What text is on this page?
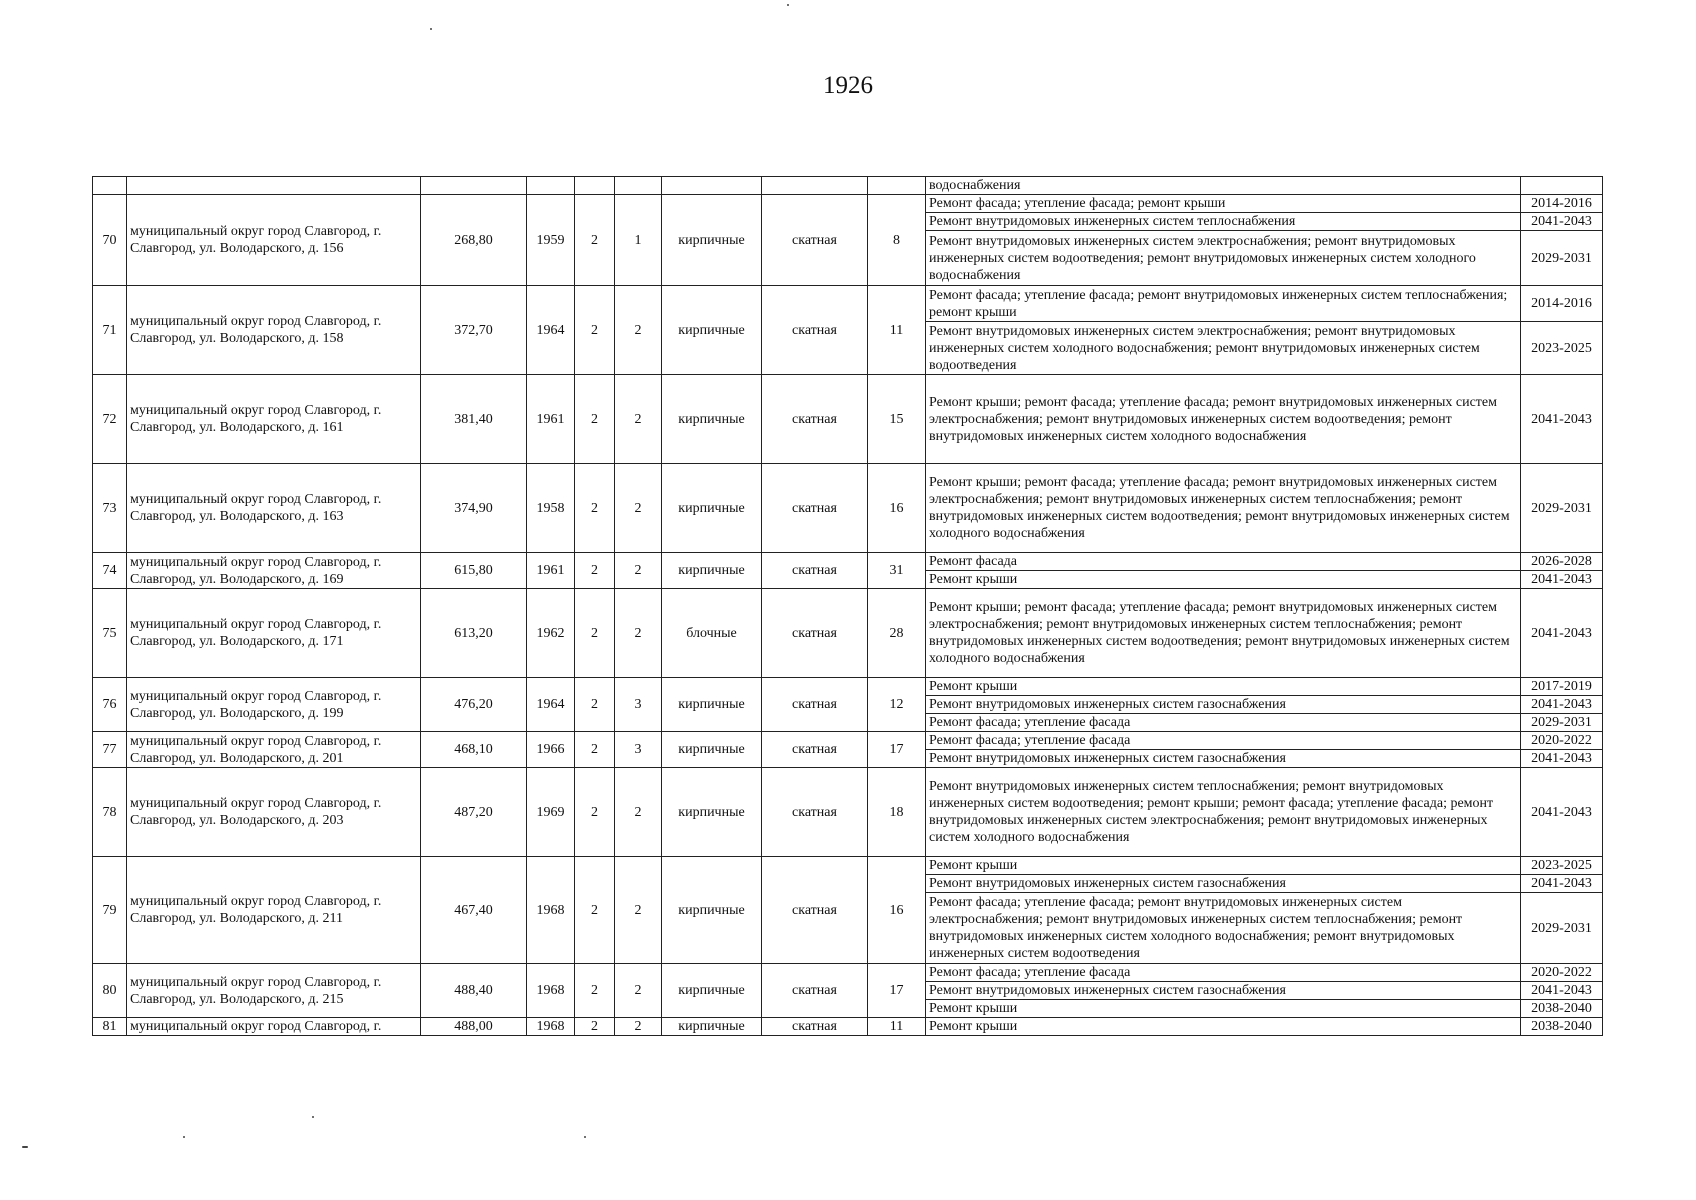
1926
									водоснабжения	
70	муниципальный округ город Славгород, г. Славгород, ул. Володарского, д. 156	268,80	1959	2	1	кирпичные	скатная	8	Ремонт фасада; утепление фасада; ремонт крыши	2014-2016
									Ремонт внутридомовых инженерных систем теплоснабжения	2041-2043
									Ремонт внутридомовых инженерных систем электроснабжения; ремонт внутридомовых инженерных систем водоотведения; ремонт внутридомовых инженерных систем холодного водоснабжения	2029-2031
71	муниципальный округ город Славгород, г. Славгород, ул. Володарского, д. 158	372,70	1964	2	2	кирпичные	скатная	11	Ремонт фасада; утепление фасада; ремонт внутридомовых инженерных систем теплоснабжения; ремонт крыши	2014-2016
									Ремонт внутридомовых инженерных систем электроснабжения; ремонт внутридомовых инженерных систем холодного водоснабжения; ремонт внутридомовых инженерных систем водоотведения	2023-2025
72	муниципальный округ город Славгород, г. Славгород, ул. Володарского, д. 161	381,40	1961	2	2	кирпичные	скатная	15	Ремонт крыши; ремонт фасада; утепление фасада; ремонт внутридомовых инженерных систем электроснабжения; ремонт внутридомовых инженерных систем водоотведения; ремонт внутридомовых инженерных систем холодного водоснабжения	2041-2043
73	муниципальный округ город Славгород, г. Славгород, ул. Володарского, д. 163	374,90	1958	2	2	кирпичные	скатная	16	Ремонт крыши; ремонт фасада; утепление фасада; ремонт внутридомовых инженерных систем электроснабжения; ремонт внутридомовых инженерных систем теплоснабжения; ремонт внутридомовых инженерных систем водоотведения; ремонт внутридомовых инженерных систем холодного водоснабжения	2029-2031
74	муниципальный округ город Славгород, г. Славгород, ул. Володарского, д. 169	615,80	1961	2	2	кирпичные	скатная	31	Ремонт фасада	2026-2028
									Ремонт крыши	2041-2043
75	муниципальный округ город Славгород, г. Славгород, ул. Володарского, д. 171	613,20	1962	2	2	блочные	скатная	28	Ремонт крыши; ремонт фасада; утепление фасада; ремонт внутридомовых инженерных систем электроснабжения; ремонт внутридомовых инженерных систем теплоснабжения; ремонт внутридомовых инженерных систем водоотведения; ремонт внутридомовых инженерных систем холодного водоснабжения	2041-2043
76	муниципальный округ город Славгород, г. Славгород, ул. Володарского, д. 199	476,20	1964	2	3	кирпичные	скатная	12	Ремонт крыши	2017-2019
									Ремонт внутридомовых инженерных систем газоснабжения	2041-2043
									Ремонт фасада; утепление фасада	2029-2031
77	муниципальный округ город Славгород, г. Славгород, ул. Володарского, д. 201	468,10	1966	2	3	кирпичные	скатная	17	Ремонт фасада; утепление фасада	2020-2022
									Ремонт внутридомовых инженерных систем газоснабжения	2041-2043
78	муниципальный округ город Славгород, г. Славгород, ул. Володарского, д. 203	487,20	1969	2	2	кирпичные	скатная	18	Ремонт внутридомовых инженерных систем теплоснабжения; ремонт внутридомовых инженерных систем водоотведения; ремонт крыши; ремонт фасада; утепление фасада; ремонт внутридомовых инженерных систем электроснабжения; ремонт внутридомовых инженерных систем холодного водоснабжения	2041-2043
79	муниципальный округ город Славгород, г. Славгород, ул. Володарского, д. 211	467,40	1968	2	2	кирпичные	скатная	16	Ремонт крыши	2023-2025
									Ремонт внутридомовых инженерных систем газоснабжения	2041-2043
									Ремонт фасада; утепление фасада; ремонт внутридомовых инженерных систем электроснабжения; ремонт внутридомовых инженерных систем теплоснабжения; ремонт внутридомовых инженерных систем холодного водоснабжения; ремонт внутридомовых инженерных систем водоотведения	2029-2031
80	муниципальный округ город Славгород, г. Славгород, ул. Володарского, д. 215	488,40	1968	2	2	кирпичные	скатная	17	Ремонт фасада; утепление фасада	2020-2022
									Ремонт внутридомовых инженерных систем газоснабжения	2041-2043
									Ремонт крыши	2038-2040
81	муниципальный округ город Славгород, г.	488,00	1968	2	2	кирпичные	скатная	11	Ремонт крыши	2038-2040
